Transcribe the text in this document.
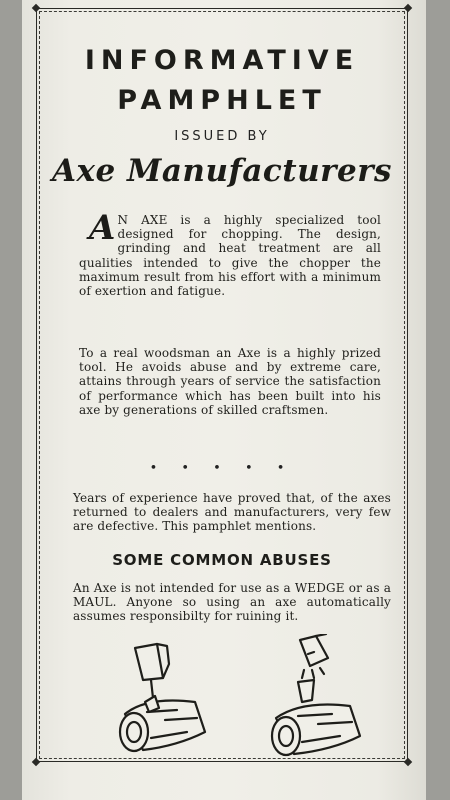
INFORMATIVE
PAMPHLET
ISSUED BY
Axe Manufacturers
A N AXE is a highly specialized tool designed for chopping. The design, grinding and heat treatment are all qualities intended to give the chopper the maximum result from his effort with a minimum of exertion and fatigue.
To a real woodsman an Axe is a highly prized tool. He avoids abuse and by extreme care, attains through years of service the satisfaction of performance which has been built into his axe by generations of skilled craftsmen.
• • • • •
Years of experience have proved that, of the axes returned to dealers and manufacturers, very few are defective. This pamphlet mentions.
SOME COMMON ABUSES
An Axe is not intended for use as a WEDGE or as a MAUL. Anyone so using an axe automatically assumes responsibilty for ruining it.
